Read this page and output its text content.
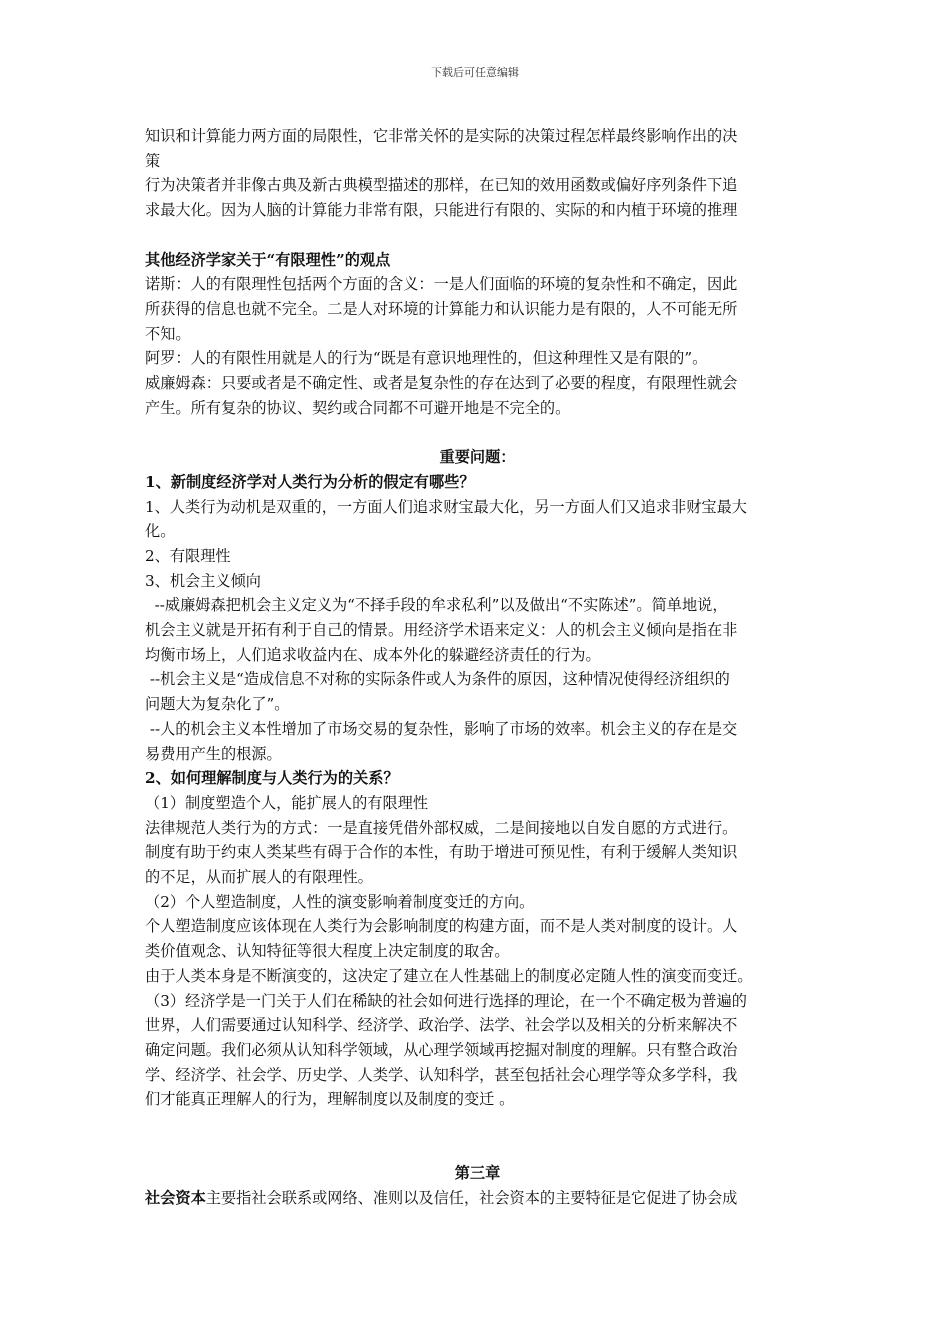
下载后可任意编辑

知识和计算能力两方面的局限性，它非常关怀的是实际的决策过程怎样最终影响作出的决

策

行为决策者并非像古典及新古典模型描述的那样，在已知的效用函数或偏好序列条件下追

求最大化。因为人脑的计算能力非常有限，只能进行有限的、实际的和内植于环境的推理

其他经济学家关于“有限理性”的观点

诺斯：人的有限理性包括两个方面的含义：一是人们面临的环境的复杂性和不确定，因此

所获得的信息也就不完全。二是人对环境的计算能力和认识能力是有限的，人不可能无所

不知。

阿罗：人的有限性用就是人的行为“既是有意识地理性的，但这种理性又是有限的”。

威廉姆森：只要或者是不确定性、或者是复杂性的存在达到了必要的程度，有限理性就会

产生。所有复杂的协议、契约或合同都不可避开地是不完全的。

重要问题：

1、新制度经济学对人类行为分析的假定有哪些？

1、人类行为动机是双重的，一方面人们追求财宝最大化，另一方面人们又追求非财宝最大

化。

2、有限理性

3、机会主义倾向

--威廉姆森把机会主义定义为“不择手段的牟求私利”以及做出“不实陈述”。简单地说，

机会主义就是开拓有利于自己的情景。用经济学术语来定义：人的机会主义倾向是指在非

均衡市场上，人们追求收益内在、成本外化的躲避经济责任的行为。

--机会主义是“造成信息不对称的实际条件或人为条件的原因，这种情况使得经济组织的

问题大为复杂化了”。

--人的机会主义本性增加了市场交易的复杂性，影响了市场的效率。机会主义的存在是交

易费用产生的根源。

2、如何理解制度与人类行为的关系？

（1）制度塑造个人，能扩展人的有限理性

法律规范人类行为的方式：一是直接凭借外部权威，二是间接地以自发自愿的方式进行。

制度有助于约束人类某些有碍于合作的本性，有助于增进可预见性，有利于缓解人类知识

的不足，从而扩展人的有限理性。

（2）个人塑造制度，人性的演变影响着制度变迁的方向。

个人塑造制度应该体现在人类行为会影响制度的构建方面，而不是人类对制度的设计。人

类价值观念、认知特征等很大程度上决定制度的取舍。

由于人类本身是不断演变的，这决定了建立在人性基础上的制度必定随人性的演变而变迁。

（3）经济学是一门关于人们在稀缺的社会如何进行选择的理论，在一个不确定极为普遍的

世界，人们需要通过认知科学、经济学、政治学、法学、社会学以及相关的分析来解决不

确定问题。我们必须从认知科学领域，从心理学领域再挖掘对制度的理解。只有整合政治

学、经济学、社会学、历史学、人类学、认知科学，甚至包括社会心理学等众多学科，我

们才能真正理解人的行为，理解制度以及制度的变迁 。

第三章

社会资本主要指社会联系或网络、准则以及信任，社会资本的主要特征是它促进了协会成
